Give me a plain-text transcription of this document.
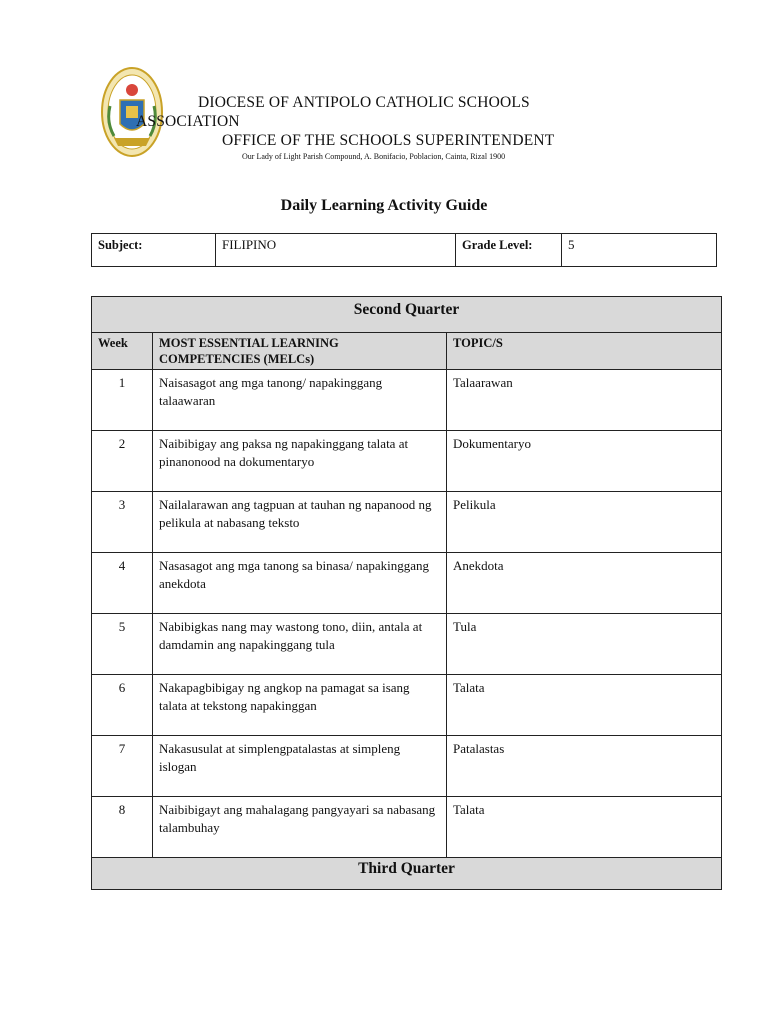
DIOCESE OF ANTIPOLO CATHOLIC SCHOOLS
ASSOCIATION
OFFICE OF THE SCHOOLS SUPERINTENDENT
Our Lady of Light Parish Compound, A. Bonifacio, Poblacion, Cainta, Rizal 1900
Daily Learning Activity Guide
Subject:	FILIPINO	Grade Level:	5
Second Quarter		
Week	MOST ESSENTIAL LEARNING COMPETENCIES (MELCs)	TOPIC/S
1	Naisasagot ang mga tanong/ napakinggang talaawaran	Talaarawan
2	Naibibigay ang paksa ng napakinggang talata at pinanonood na dokumentaryo	Dokumentaryo
3	Nailalarawan ang tagpuan at tauhan ng napanood ng pelikula at nabasang teksto	Pelikula
4	Nasasagot ang mga tanong sa binasa/ napakinggang anekdota	Anekdota
5	Nabibigkas nang may wastong tono, diin, antala at damdamin ang napakinggang tula	Tula
6	Nakapagbibigay ng angkop na pamagat sa isang talata at tekstong napakinggan	Talata
7	Nakasusulat at simplengpatalastas at simpleng islogan	Patalastas
8	Naibibigayt ang mahalagang pangyayari sa nabasang talambuhay	Talata
Third Quarter		
